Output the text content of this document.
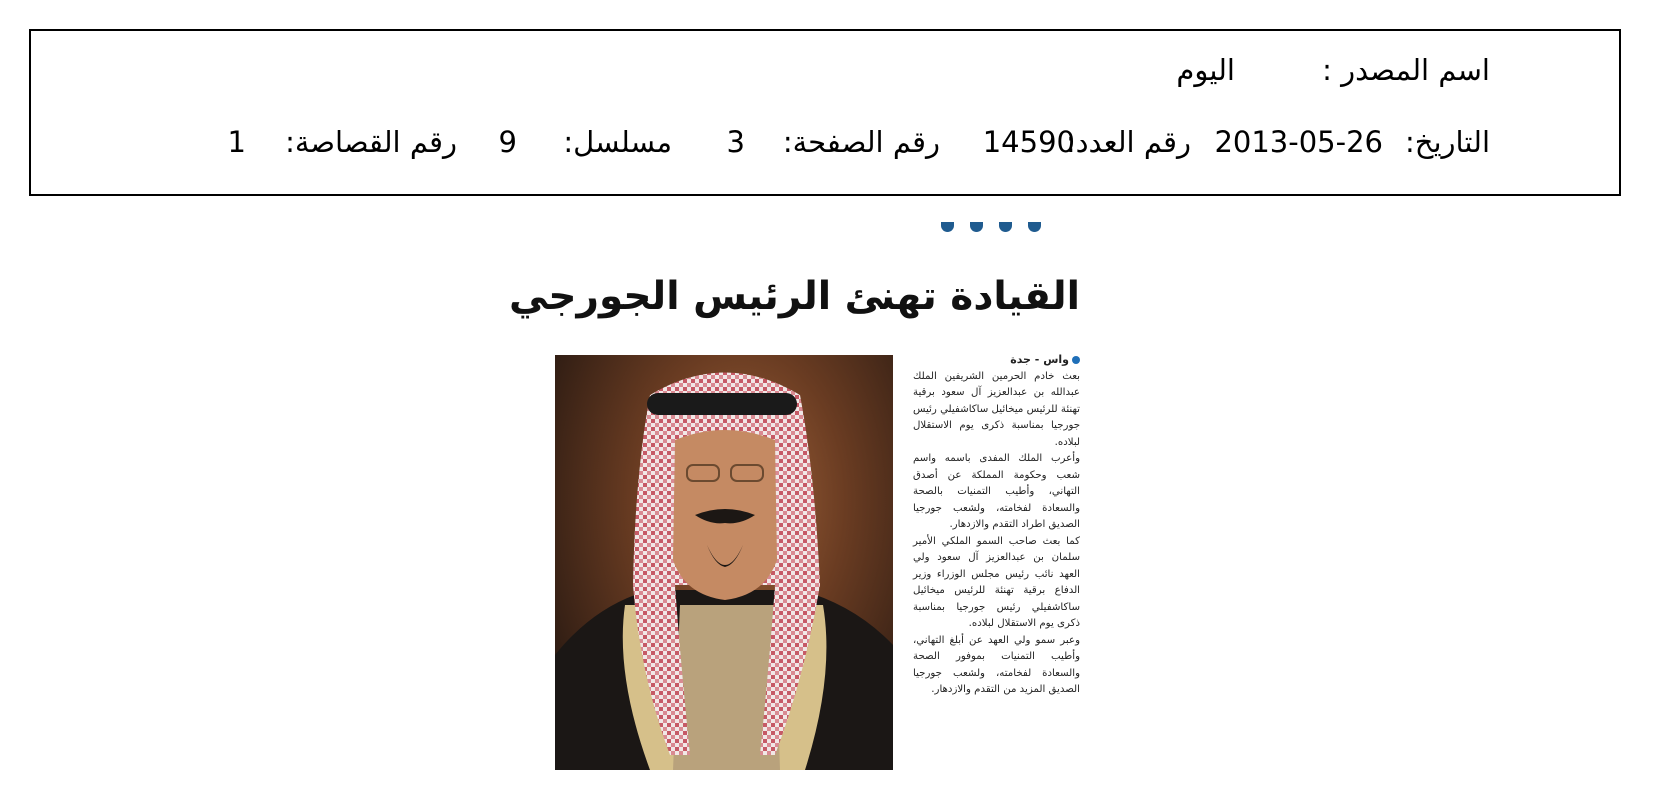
اسم المصدر :
اليوم
التاريخ:
2013-05-26
رقم العدد:
14590
رقم الصفحة:
3
مسلسل:
9
رقم القصاصة:
1
القيادة تهنئ الرئيس الجورجي
واس - جدة
بعث خادم الحرمين الشريفين الملك عبدالله بن عبدالعزيز آل سعود برقية تهنئة للرئيس ميخائيل ساكاشفيلي رئيس جورجيا بمناسبة ذكرى يوم الاستقلال لبلاده.
وأعرب الملك المفدى باسمه واسم شعب وحكومة المملكة عن أصدق التهاني، وأطيب التمنيات بالصحة والسعادة لفخامته، ولشعب جورجيا الصديق اطراد التقدم والازدهار.
كما بعث صاحب السمو الملكي الأمير سلمان بن عبدالعزيز آل سعود ولي العهد نائب رئيس مجلس الوزراء وزير الدفاع برقية تهنئة للرئيس ميخائيل ساكاشفيلي رئيس جورجيا بمناسبة ذكرى يوم الاستقلال لبلاده.
وعبر سمو ولي العهد عن أبلغ التهاني، وأطيب التمنيات بموفور الصحة والسعادة لفخامته، ولشعب جورجيا الصديق المزيد من التقدم والازدهار.
